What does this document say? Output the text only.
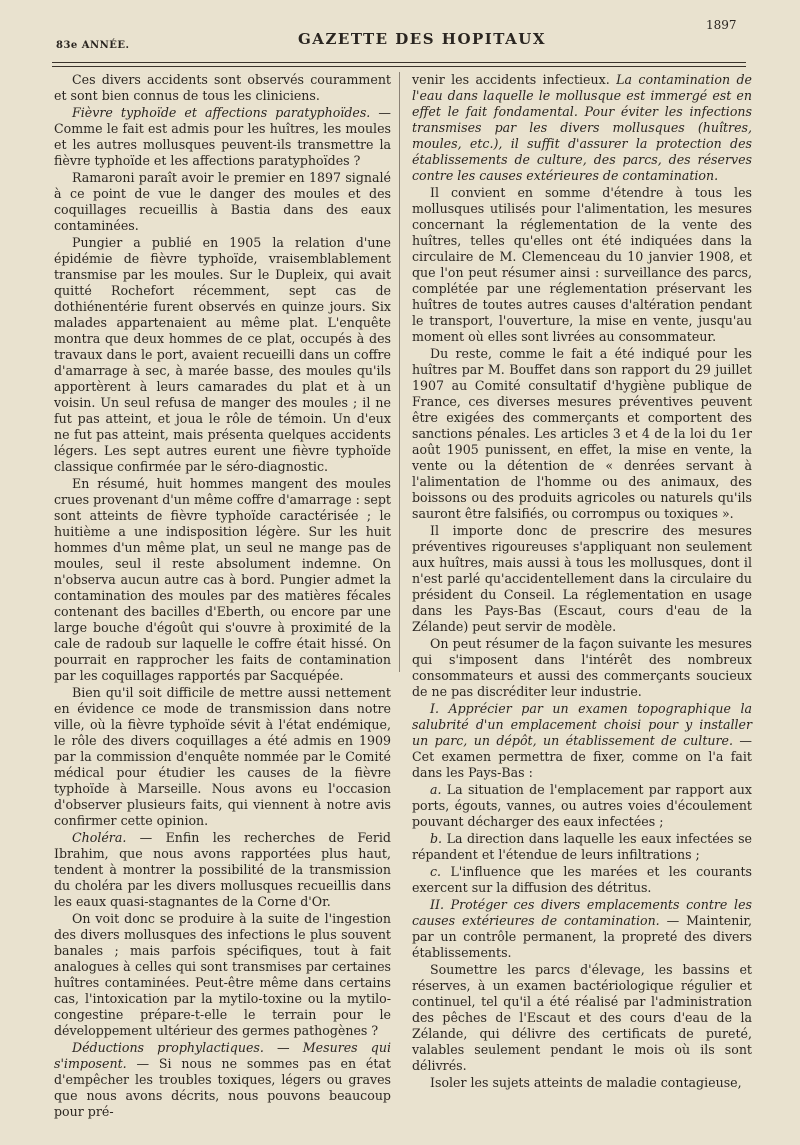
83e ANNÉE.	GAZETTE DES HOPITAUX
1897

Ces divers accidents sont observés couramment et sont bien connus de tous les cliniciens.

Fièvre typhoïde et affections paratyphoïdes. — Comme le fait est admis pour les huîtres, les moules et les autres mollusques peuvent-ils transmettre la fièvre typhoïde et les affections paratyphoïdes ?

Ramaroni paraît avoir le premier en 1897 signalé à ce point de vue le danger des moules et des coquillages recueillis à Bastia dans des eaux contaminées.

Pungier a publié en 1905 la relation d'une épidémie de fièvre typhoïde, vraisemblablement transmise par les moules. Sur le Dupleix, qui avait quitté Rochefort récemment, sept cas de dothiénentérie furent observés en quinze jours. Six malades appartenaient au même plat. L'enquête montra que deux hommes de ce plat, occupés à des travaux dans le port, avaient recueilli dans un coffre d'amarrage à sec, à marée basse, des moules qu'ils apportèrent à leurs camarades du plat et à un voisin. Un seul refusa de manger des moules ; il ne fut pas atteint, et joua le rôle de témoin. Un d'eux ne fut pas atteint, mais présenta quelques accidents légers. Les sept autres eurent une fièvre typhoïde classique confirmée par le séro-diagnostic.

En résumé, huit hommes mangent des moules crues provenant d'un même coffre d'amarrage : sept sont atteints de fièvre typhoïde caractérisée ; le huitième a une indisposition légère. Sur les huit hommes d'un même plat, un seul ne mange pas de moules, seul il reste absolument indemne. On n'observa aucun autre cas à bord. Pungier admet la contamination des moules par des matières fécales contenant des bacilles d'Eberth, ou encore par une large bouche d'égoût qui s'ouvre à proximité de la cale de radoub sur laquelle le coffre était hissé. On pourrait en rapprocher les faits de contamination par les coquillages rapportés par Sacquépée.

Bien qu'il soit difficile de mettre aussi nettement en évidence ce mode de transmission dans notre ville, où la fièvre typhoïde sévit à l'état endémique, le rôle des divers coquillages a été admis en 1909 par la commission d'enquête nommée par le Comité médical pour étudier les causes de la fièvre typhoïde à Marseille. Nous avons eu l'occasion d'observer plusieurs faits, qui viennent à notre avis confirmer cette opinion.

Choléra. — Enfin les recherches de Ferid Ibrahim, que nous avons rapportées plus haut, tendent à montrer la possibilité de la transmission du choléra par les divers mollusques recueillis dans les eaux quasi-stagnantes de la Corne d'Or.

On voit donc se produire à la suite de l'ingestion des divers mollusques des infections le plus souvent banales ; mais parfois spécifiques, tout à fait analogues à celles qui sont transmises par certaines huîtres contaminées. Peut-être même dans certains cas, l'intoxication par la mytilo-toxine ou la mytilo-congestine prépare-t-elle le terrain pour le développement ultérieur des germes pathogènes ?

Déductions prophylactiques. — Mesures qui s'imposent. — Si nous ne sommes pas en état d'empêcher les troubles toxiques, légers ou graves que nous avons décrits, nous pouvons beaucoup pour pré-

venir les accidents infectieux. La contamination de l'eau dans laquelle le mollusque est immergé est en effet le fait fondamental. Pour éviter les infections transmises par les divers mollusques (huîtres, moules, etc.), il suffit d'assurer la protection des établissements de culture, des parcs, des réserves contre les causes extérieures de contamination.

Il convient en somme d'étendre à tous les mollusques utilisés pour l'alimentation, les mesures concernant la réglementation de la vente des huîtres, telles qu'elles ont été indiquées dans la circulaire de M. Clemenceau du 10 janvier 1908, et que l'on peut résumer ainsi : surveillance des parcs, complétée par une réglementation préservant les huîtres de toutes autres causes d'altération pendant le transport, l'ouverture, la mise en vente, jusqu'au moment où elles sont livrées au consommateur.

Du reste, comme le fait a été indiqué pour les huîtres par M. Bouffet dans son rapport du 29 juillet 1907 au Comité consultatif d'hygiène publique de France, ces diverses mesures préventives peuvent être exigées des commerçants et comportent des sanctions pénales. Les articles 3 et 4 de la loi du 1er août 1905 punissent, en effet, la mise en vente, la vente ou la détention de « denrées servant à l'alimentation de l'homme ou des animaux, des boissons ou des produits agricoles ou naturels qu'ils sauront être falsifiés, ou corrompus ou toxiques ».

Il importe donc de prescrire des mesures préventives rigoureuses s'appliquant non seulement aux huîtres, mais aussi à tous les mollusques, dont il n'est parlé qu'accidentellement dans la circulaire du président du Conseil. La réglementation en usage dans les Pays-Bas (Escaut, cours d'eau de la Zélande) peut servir de modèle.

On peut résumer de la façon suivante les mesures qui s'imposent dans l'intérêt des nombreux consommateurs et aussi des commerçants soucieux de ne pas discréditer leur industrie.

I. Apprécier par un examen topographique la salubrité d'un emplacement choisi pour y installer un parc, un dépôt, un établissement de culture. — Cet examen permettra de fixer, comme on l'a fait dans les Pays-Bas :

a. La situation de l'emplacement par rapport aux ports, égouts, vannes, ou autres voies d'écoulement pouvant décharger des eaux infectées ;

b. La direction dans laquelle les eaux infectées se répandent et l'étendue de leurs infiltrations ;

c. L'influence que les marées et les courants exercent sur la diffusion des détritus.

II. Protéger ces divers emplacements contre les causes extérieures de contamination. — Maintenir, par un contrôle permanent, la propreté des divers établissements.

Soumettre les parcs d'élevage, les bassins et réserves, à un examen bactériologique régulier et continuel, tel qu'il a été réalisé par l'administration des pêches de l'Escaut et des cours d'eau de la Zélande, qui délivre des certificats de pureté, valables seulement pendant le mois où ils sont délivrés.

Isoler les sujets atteints de maladie contagieuse,
